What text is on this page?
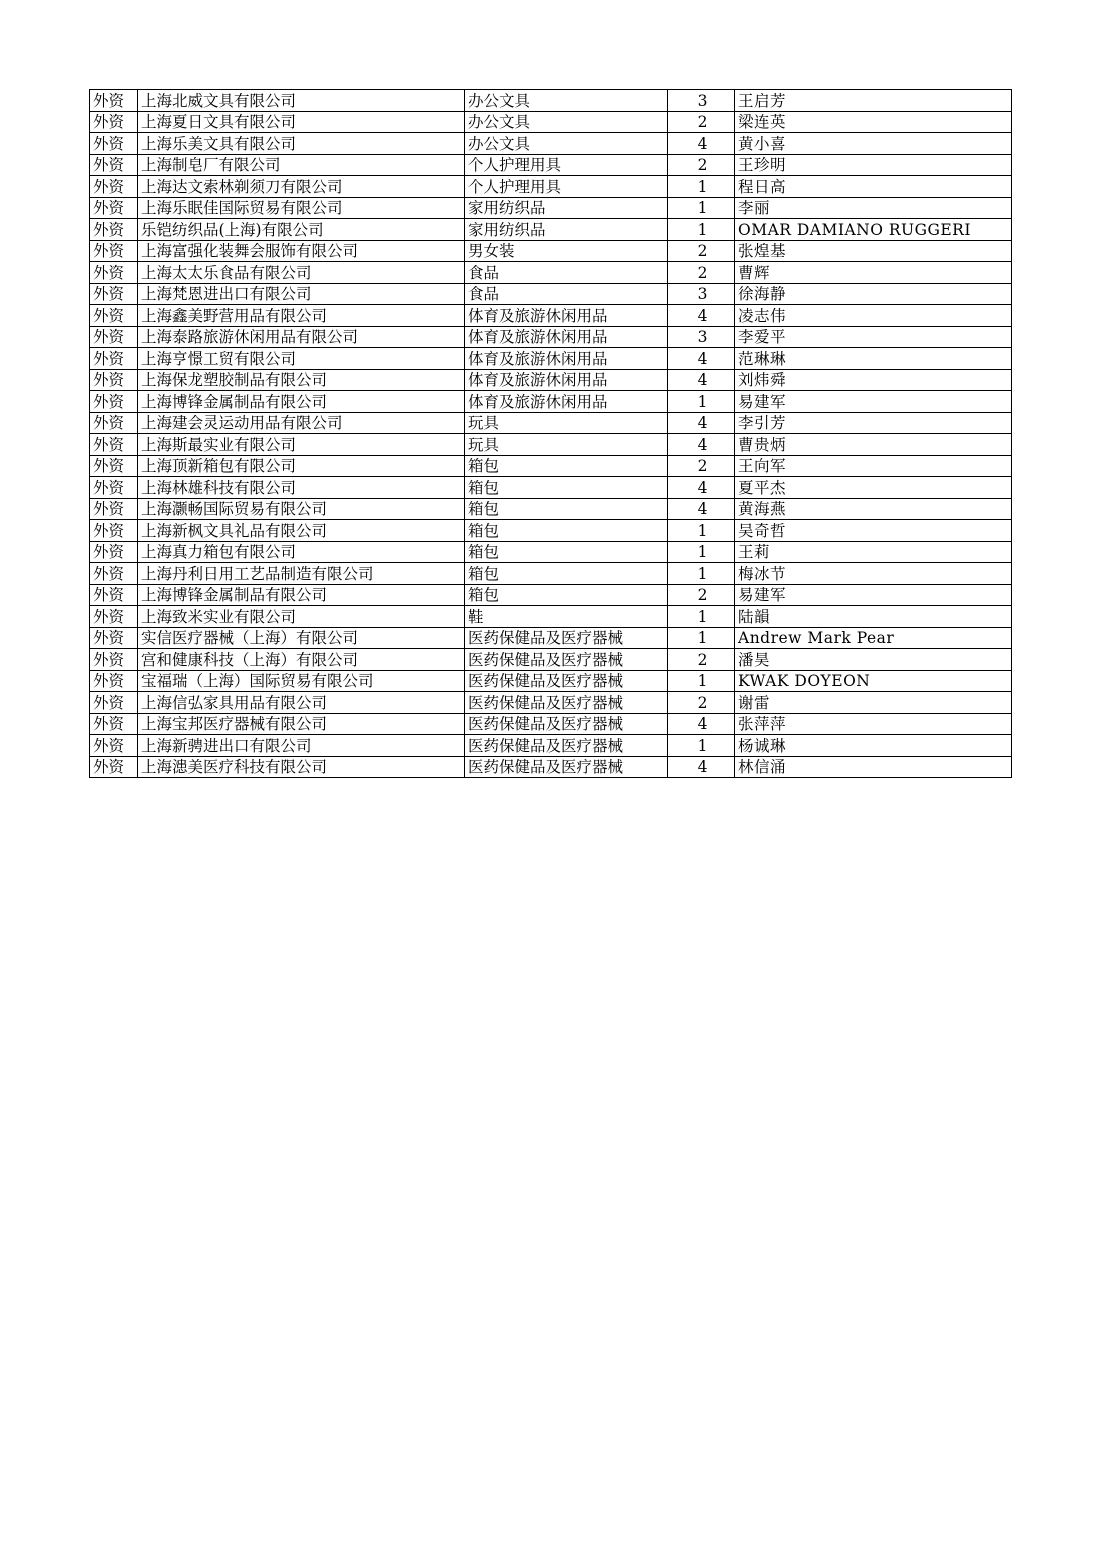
外资	上海北威文具有限公司	办公文具	3	王启芳
外资	上海夏日文具有限公司	办公文具	2	梁连英
外资	上海乐美文具有限公司	办公文具	4	黄小喜
外资	上海制皂厂有限公司	个人护理用具	2	王珍明
外资	上海达文索林剃须刀有限公司	个人护理用具	1	程日高
外资	上海乐眠佳国际贸易有限公司	家用纺织品	1	李丽
外资	乐铠纺织品(上海)有限公司	家用纺织品	1	OMAR DAMIANO RUGGERI
外资	上海富强化装舞会服饰有限公司	男女装	2	张煌基
外资	上海太太乐食品有限公司	食品	2	曹辉
外资	上海梵恩进出口有限公司	食品	3	徐海静
外资	上海鑫美野营用品有限公司	体育及旅游休闲用品	4	凌志伟
外资	上海泰路旅游休闲用品有限公司	体育及旅游休闲用品	3	李爱平
外资	上海亨憬工贸有限公司	体育及旅游休闲用品	4	范琳琳
外资	上海保龙塑胶制品有限公司	体育及旅游休闲用品	4	刘炜舜
外资	上海博锋金属制品有限公司	体育及旅游休闲用品	1	易建军
外资	上海建会灵运动用品有限公司	玩具	4	李引芳
外资	上海斯最实业有限公司	玩具	4	曹贵炳
外资	上海顶新箱包有限公司	箱包	2	王向军
外资	上海林雄科技有限公司	箱包	4	夏平杰
外资	上海灏畅国际贸易有限公司	箱包	4	黄海燕
外资	上海新枫文具礼品有限公司	箱包	1	吴奇哲
外资	上海真力箱包有限公司	箱包	1	王莉
外资	上海丹利日用工艺品制造有限公司	箱包	1	梅冰节
外资	上海博锋金属制品有限公司	箱包	2	易建军
外资	上海致米实业有限公司	鞋	1	陆韻
外资	实信医疗器械（上海）有限公司	医药保健品及医疗器械	1	Andrew Mark Pear
外资	宫和健康科技（上海）有限公司	医药保健品及医疗器械	2	潘昊
外资	宝福瑞（上海）国际贸易有限公司	医药保健品及医疗器械	1	KWAK DOYEON
外资	上海信弘家具用品有限公司	医药保健品及医疗器械	2	谢雷
外资	上海宝邦医疗器械有限公司	医药保健品及医疗器械	4	张萍萍
外资	上海新骋进出口有限公司	医药保健品及医疗器械	1	杨诚琳
外资	上海漶美医疗科技有限公司	医药保健品及医疗器械	4	林信涌
